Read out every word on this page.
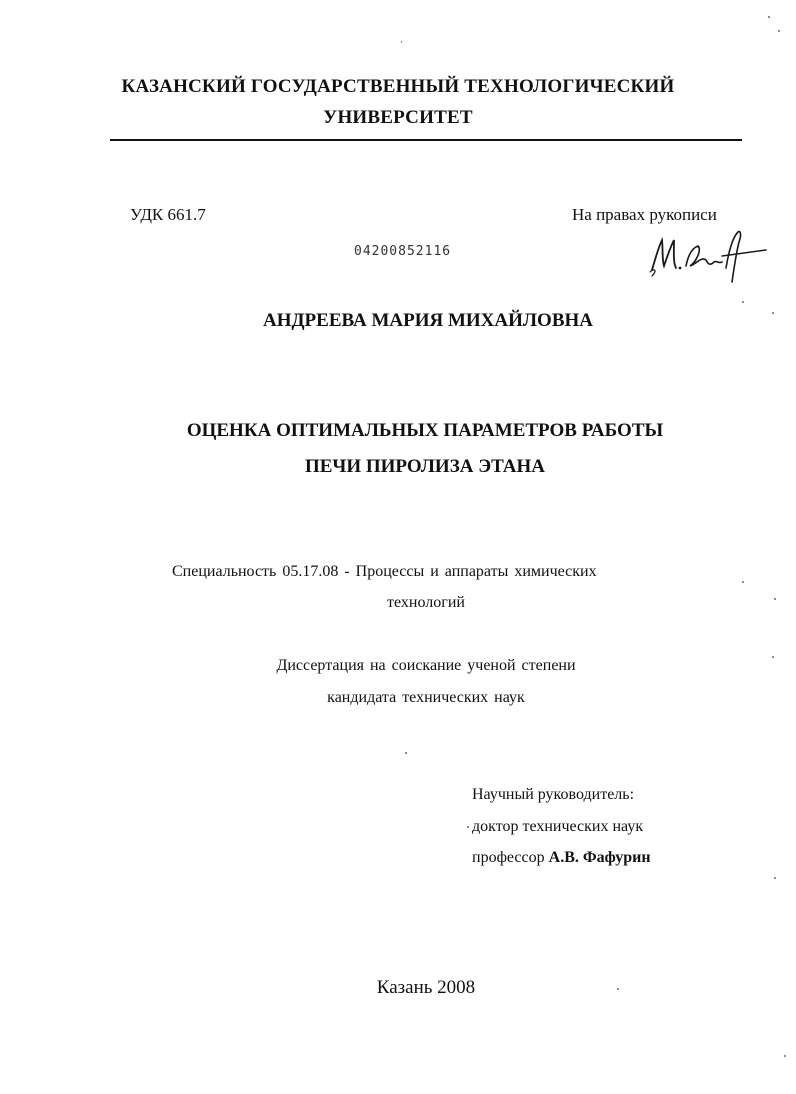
КАЗАНСКИЙ ГОСУДАРСТВЕННЫЙ ТЕХНОЛОГИЧЕСКИЙ
УНИВЕРСИТЕТ
УДК 661.7	На правах рукописи
04200852116
АНДРЕЕВА МАРИЯ МИХАЙЛОВНА
ОЦЕНКА ОПТИМАЛЬНЫХ ПАРАМЕТРОВ РАБОТЫ
ПЕЧИ ПИРОЛИЗА ЭТАНА
Специальность 05.17.08 - Процессы и аппараты химических
технологий
Диссертация на соискание ученой степени
кандидата технических наук
Научный руководитель:
доктор технических наук
профессор А.В. Фафурин
Казань 2008
